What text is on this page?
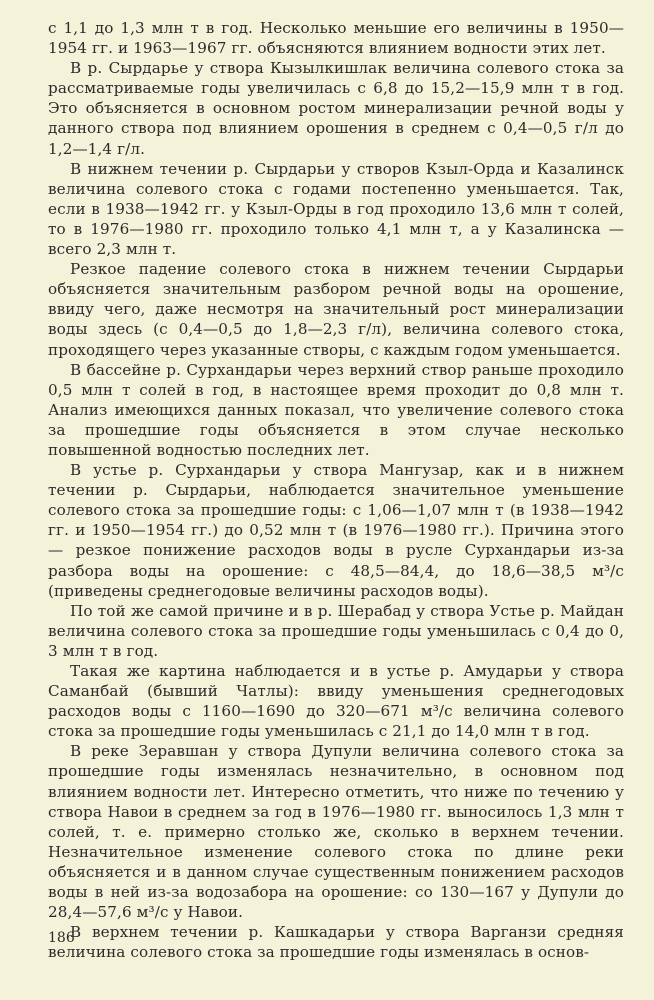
с 1,1 до 1,3 млн т в год. Несколько меньшие его величины в 1950—1954 гг. и 1963—1967 гг. объясняются влиянием водности этих лет.

В р. Сырдарье у створа Кызылкишлак величина солевого стока за рассматриваемые годы увеличилась с 6,8 до 15,2—15,9 млн т в год. Это объясняется в основном ростом минерализации речной воды у данного створа под влиянием орошения в среднем с 0,4—0,5 г/л до 1,2—1,4 г/л.

В нижнем течении р. Сырдарьи у створов Кзыл-Орда и Казалинск величина солевого стока с годами постепенно уменьшается. Так, если в 1938—1942 гг. у Кзыл-Орды в год проходило 13,6 млн т солей, то в 1976—1980 гг. проходило только 4,1 млн т, а у Казалинска — всего 2,3 млн т.

Резкое падение солевого стока в нижнем течении Сырдарьи объясняется значительным разбором речной воды на орошение, ввиду чего, даже несмотря на значительный рост минерализации воды здесь (с 0,4—0,5 до 1,8—2,3 г/л), величина солевого стока, проходящего через указанные створы, с каждым годом уменьшается.

В бассейне р. Сурхандарьи через верхний створ раньше проходило 0,5 млн т солей в год, в настоящее время проходит до 0,8 млн т. Анализ имеющихся данных показал, что увеличение солевого стока за прошедшие годы объясняется в этом случае несколько повышенной водностью последних лет.

В устье р. Сурхандарьи у створа Мангузар, как и в нижнем течении р. Сырдарьи, наблюдается значительное уменьшение солевого стока за прошедшие годы: с 1,06—1,07 млн т (в 1938—1942 гг. и 1950—1954 гг.) до 0,52 млн т (в 1976—1980 гг.). Причина этого — резкое понижение расходов воды в русле Сурхандарьи из-за разбора воды на орошение: с 48,5—84,4, до 18,6—38,5 м³/с (приведены среднегодовые величины расходов воды).

По той же самой причине и в р. Шерабад у створа Устье р. Майдан величина солевого стока за прошедшие годы уменьшилась с 0,4 до 0, 3 млн т в год.

Такая же картина наблюдается и в устье р. Амударьи у створа Саманбай (бывший Чатлы): ввиду уменьшения среднегодовых расходов воды с 1160—1690 до 320—671 м³/с величина солевого стока за прошедшие годы уменьшилась с 21,1 до 14,0 млн т в год.

В реке Зеравшан у створа Дупули величина солевого стока за прошедшие годы изменялась незначительно, в основном под влиянием водности лет. Интересно отметить, что ниже по течению у створа Навои в среднем за год в 1976—1980 гг. выносилось 1,3 млн т солей, т. е. примерно столько же, сколько в верхнем течении. Незначительное изменение солевого стока по длине реки объясняется и в данном случае существенным понижением расходов воды в ней из-за водозабора на орошение: со 130—167 у Дупули до 28,4—57,6 м³/с у Навои.

В верхнем течении р. Кашкадарьи у створа Варганзи средняя величина солевого стока за прошедшие годы изменялась в основ-

186
